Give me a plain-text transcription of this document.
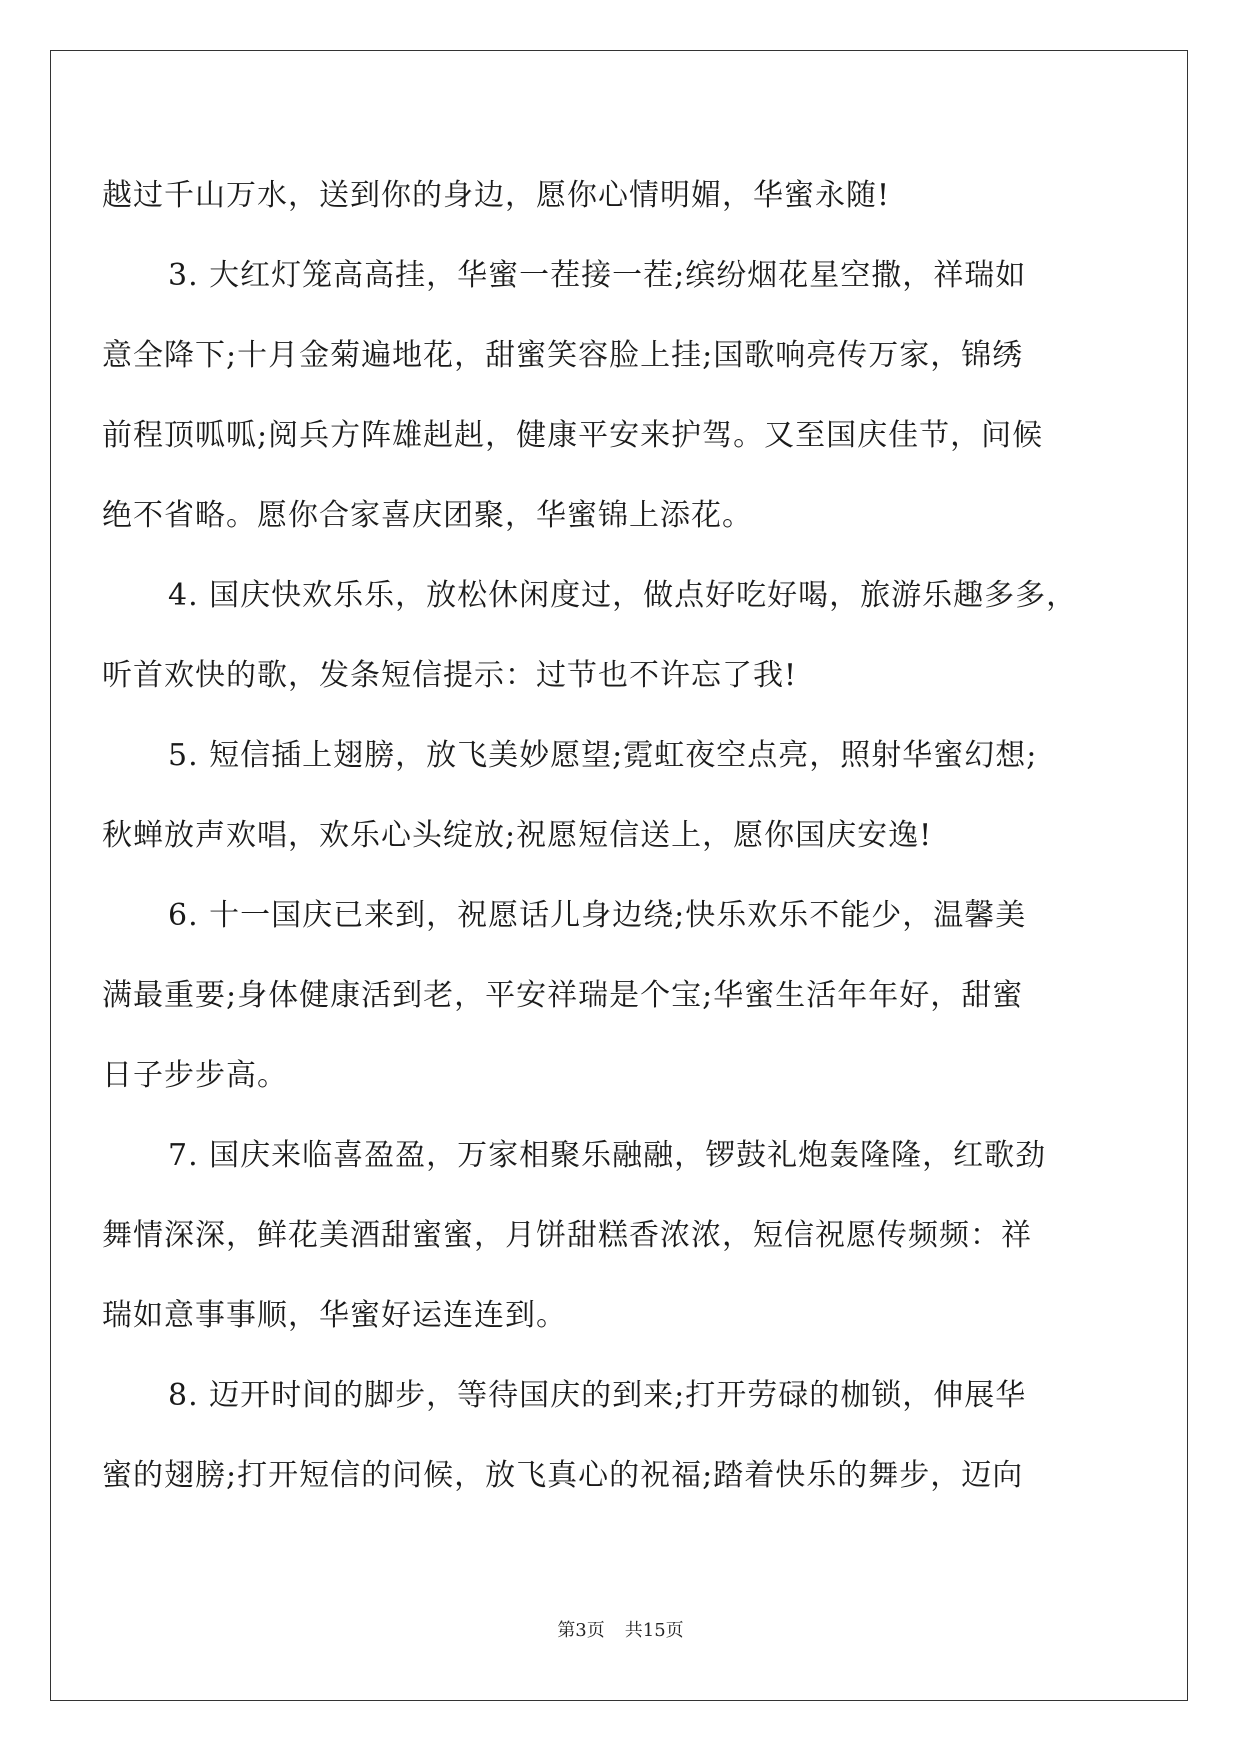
越过千山万水，送到你的身边，愿你心情明媚，华蜜永随!

3. 大红灯笼高高挂，华蜜一茬接一茬;缤纷烟花星空撒，祥瑞如

意全降下;十月金菊遍地花，甜蜜笑容脸上挂;国歌响亮传万家，锦绣

前程顶呱呱;阅兵方阵雄赳赳，健康平安来护驾。又至国庆佳节，问候

绝不省略。愿你合家喜庆团聚，华蜜锦上添花。

4. 国庆快欢乐乐，放松休闲度过，做点好吃好喝，旅游乐趣多多，

听首欢快的歌，发条短信提示：过节也不许忘了我!

5. 短信插上翅膀，放飞美妙愿望;霓虹夜空点亮，照射华蜜幻想;

秋蝉放声欢唱，欢乐心头绽放;祝愿短信送上，愿你国庆安逸!

6. 十一国庆已来到，祝愿话儿身边绕;快乐欢乐不能少，温馨美

满最重要;身体健康活到老，平安祥瑞是个宝;华蜜生活年年好，甜蜜

日子步步高。

7. 国庆来临喜盈盈，万家相聚乐融融，锣鼓礼炮轰隆隆，红歌劲

舞情深深，鲜花美酒甜蜜蜜，月饼甜糕香浓浓，短信祝愿传频频：祥

瑞如意事事顺，华蜜好运连连到。

8. 迈开时间的脚步，等待国庆的到来;打开劳碌的枷锁，伸展华

蜜的翅膀;打开短信的问候，放飞真心的祝福;踏着快乐的舞步，迈向

第3页 共15页
